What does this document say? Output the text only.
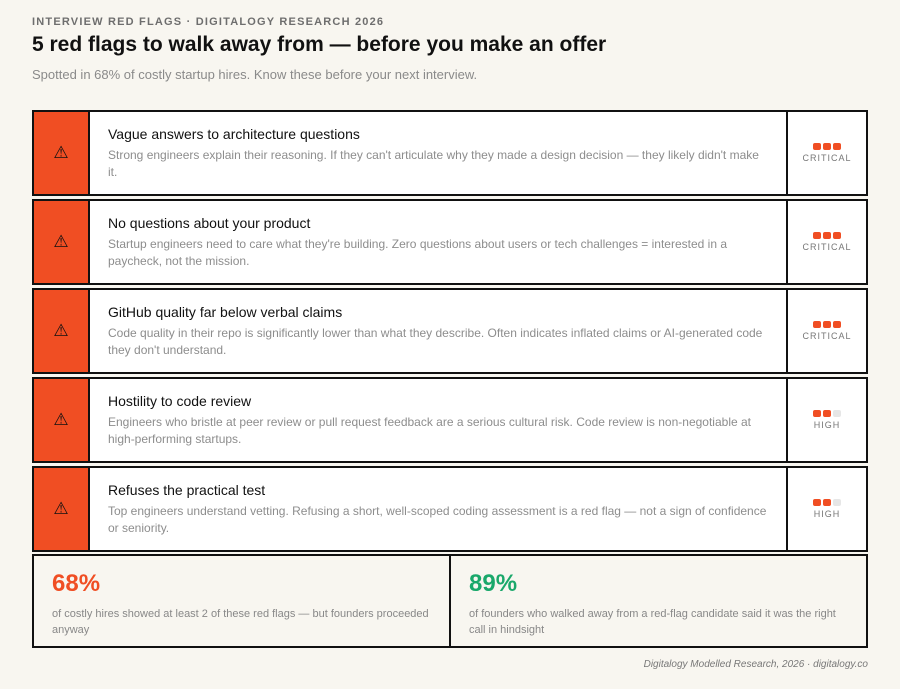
INTERVIEW RED FLAGS · DIGITALOGY RESEARCH 2026
5 red flags to walk away from — before you make an offer
Spotted in 68% of costly startup hires. Know these before your next interview.
⚠
Vague answers to architecture questions
Strong engineers explain their reasoning. If they can't articulate why they made a design decision — they likely didn't make it.
CRITICAL
⚠
No questions about your product
Startup engineers need to care what they're building. Zero questions about users or tech challenges = interested in a paycheck, not the mission.
CRITICAL
⚠
GitHub quality far below verbal claims
Code quality in their repo is significantly lower than what they describe. Often indicates inflated claims or AI-generated code they don't understand.
CRITICAL
⚠
Hostility to code review
Engineers who bristle at peer review or pull request feedback are a serious cultural risk. Code review is non-negotiable at high-performing startups.
HIGH
⚠
Refuses the practical test
Top engineers understand vetting. Refusing a short, well-scoped coding assessment is a red flag — not a sign of confidence or seniority.
HIGH
68%
of costly hires showed at least 2 of these red flags — but founders proceeded anyway
89%
of founders who walked away from a red-flag candidate said it was the right call in hindsight
Digitalogy Modelled Research, 2026 · digitalogy.co
